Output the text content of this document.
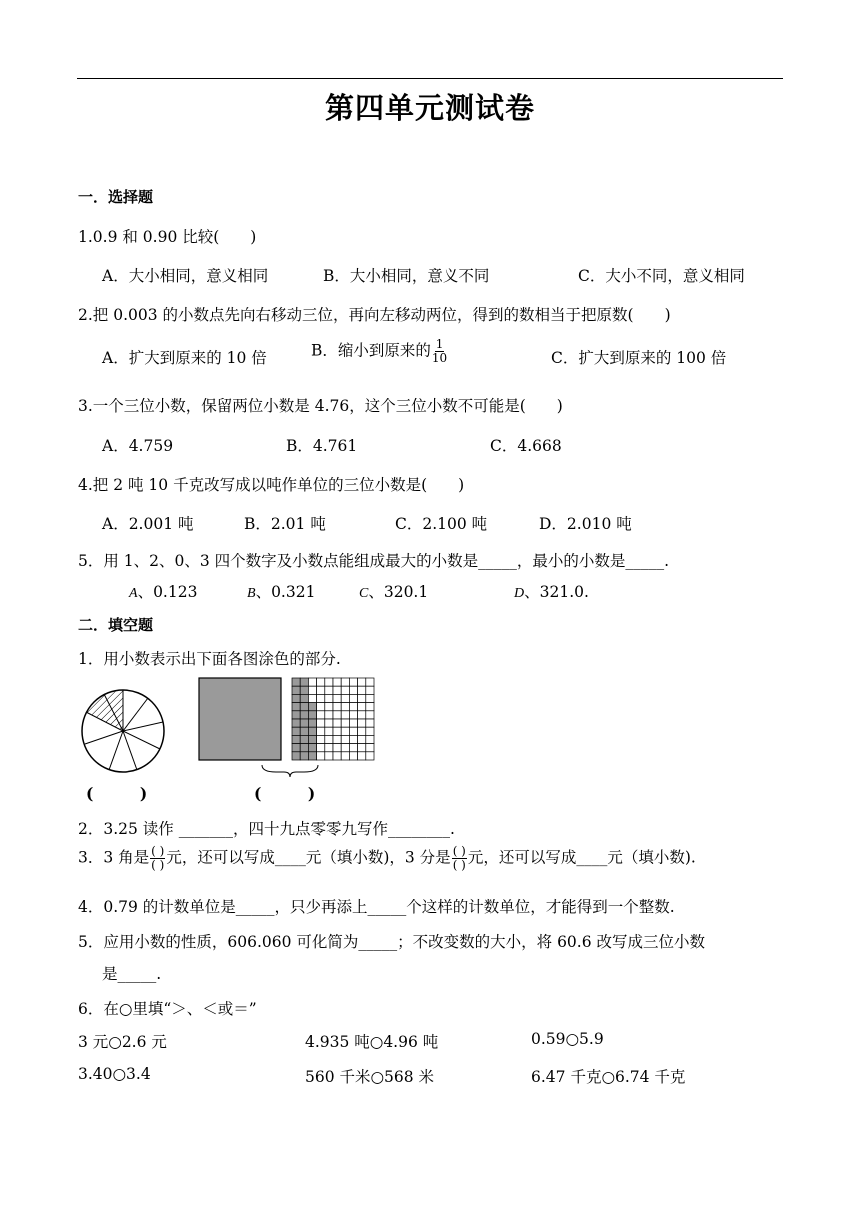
第四单元测试卷
一．选择题
1.0.9 和 0.90 比较(　　)
A．大小相同，意义相同	B．大小相同，意义不同	C．大小不同，意义相同
2.把 0.003 的小数点先向右移动三位，再向左移动两位，得到的数相当于把原数(　　)
A．扩大到原来的 10 倍	B．缩小到原来的 $\frac{1}{10}$	C．扩大到原来的 100 倍
3.一个三位小数，保留两位小数是 4.76，这个三位小数不可能是(　　)
A．4.759	B．4.761	C．4.668
4.把 2 吨 10 千克改写成以吨作单位的三位小数是(　　)
A．2.001 吨	B．2.01 吨	C．2.100 吨	D．2.010 吨
5．用 1、2、0、3 四个数字及小数点能组成最大的小数是_____，最小的小数是_____.
A、0.123	B、0.321	C、320.1	D、321.0.
二．填空题
1．用小数表示出下面各图涂色的部分.
(　　　)	(　　　)
2．3.25 读作 _______，四十九点零零九写作________.
3．3 角是 $\frac{( )}{( )}$ 元，还可以写成____元（填小数)，3 分是 $\frac{( )}{( )}$ 元，还可以写成____元（填小数).
4．0.79 的计数单位是_____，只少再添上_____个这样的计数单位，才能得到一个整数.
5．应用小数的性质，606.060 可化简为_____；不改变数的大小，将 60.6 改写成三位小数
是_____.
6．在○里填“＞、＜或＝”
3 元○2.6 元	4.935 吨○4.96 吨	0.59○5.9
3.40○3.4	560 千米○568 米	6.47 千克○6.74 千克
